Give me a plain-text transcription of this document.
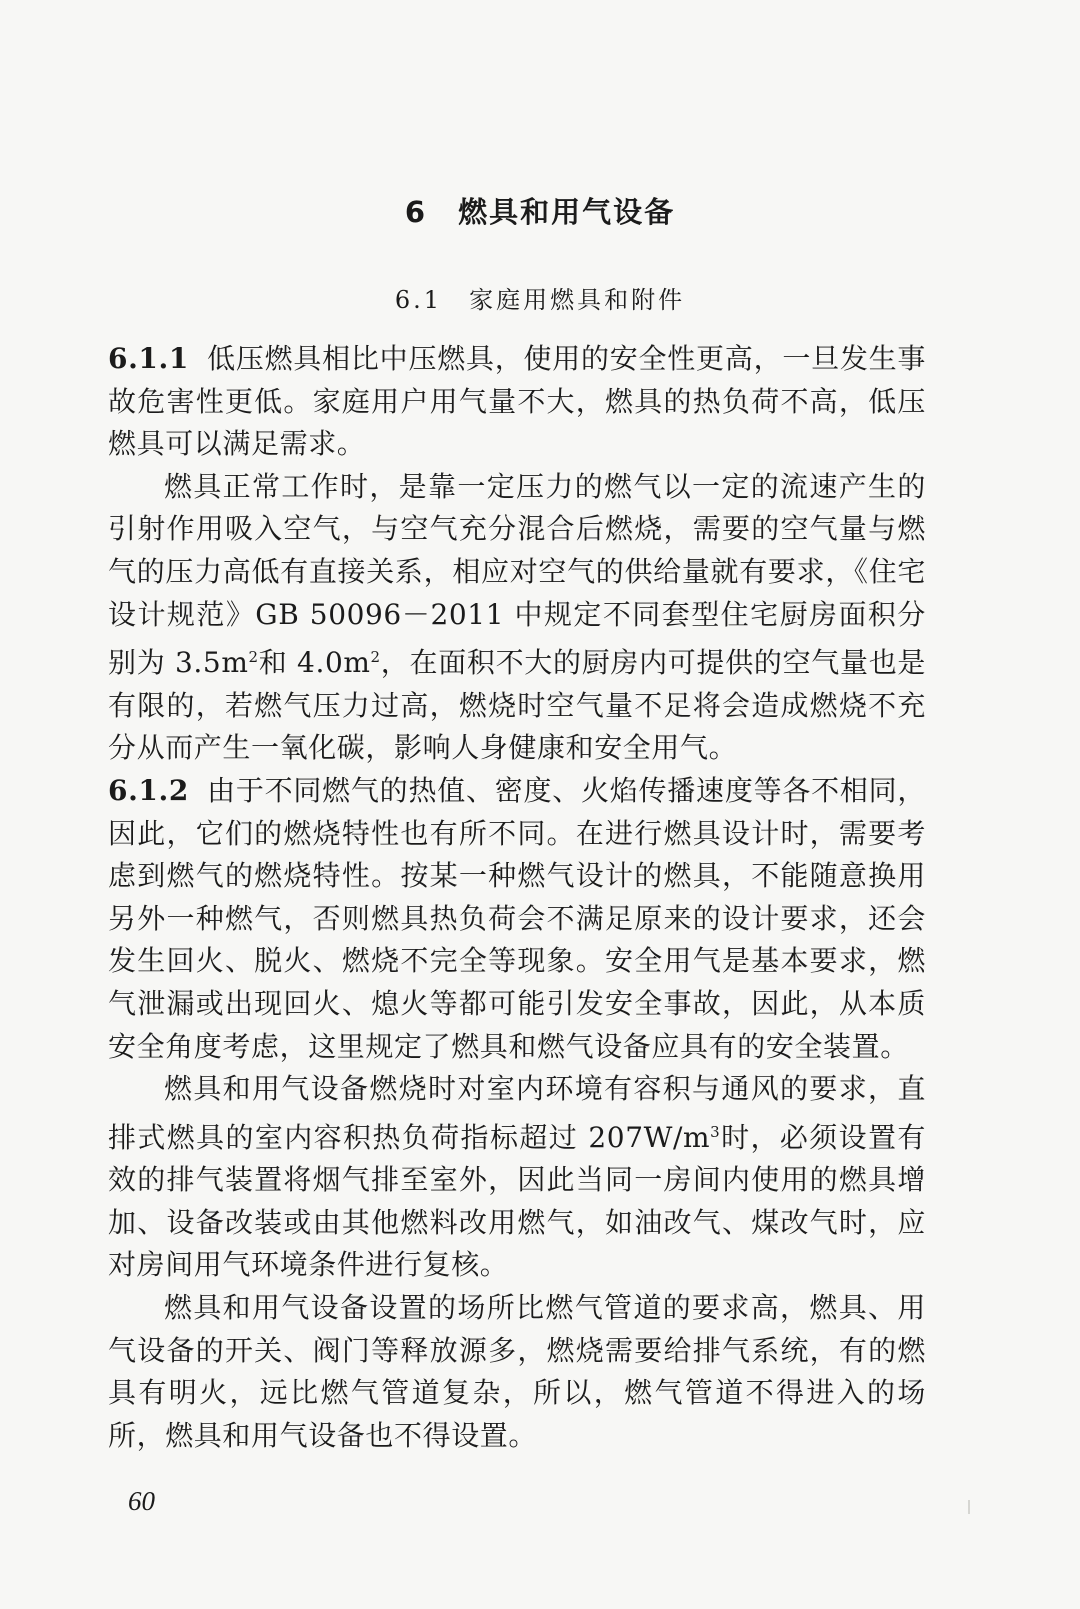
6　燃具和用气设备
6.1　家庭用燃具和附件

6.1.1 低压燃具相比中压燃具，使用的安全性更高，一旦发生事故危害性更低。家庭用户用气量不大，燃具的热负荷不高，低压燃具可以满足需求。

燃具正常工作时，是靠一定压力的燃气以一定的流速产生的引射作用吸入空气，与空气充分混合后燃烧，需要的空气量与燃气的压力高低有直接关系，相应对空气的供给量就有要求，《住宅设计规范》GB 50096－2011 中规定不同套型住宅厨房面积分别为 $3.5m^2$和 $4.0m^2$，在面积不大的厨房内可提供的空气量也是有限的，若燃气压力过高，燃烧时空气量不足将会造成燃烧不充分从而产生一氧化碳，影响人身健康和安全用气。

6.1.2 由于不同燃气的热值、密度、火焰传播速度等各不相同，因此，它们的燃烧特性也有所不同。在进行燃具设计时，需要考虑到燃气的燃烧特性。按某一种燃气设计的燃具，不能随意换用另外一种燃气，否则燃具热负荷会不满足原来的设计要求，还会发生回火、脱火、燃烧不完全等现象。安全用气是基本要求，燃气泄漏或出现回火、熄火等都可能引发安全事故，因此，从本质安全角度考虑，这里规定了燃具和燃气设备应具有的安全装置。

燃具和用气设备燃烧时对室内环境有容积与通风的要求，直排式燃具的室内容积热负荷指标超过 $207W/m^3$时，必须设置有效的排气装置将烟气排至室外，因此当同一房间内使用的燃具增加、设备改装或由其他燃料改用燃气，如油改气、煤改气时，应对房间用气环境条件进行复核。

燃具和用气设备设置的场所比燃气管道的要求高，燃具、用气设备的开关、阀门等释放源多，燃烧需要给排气系统，有的燃具有明火，远比燃气管道复杂，所以，燃气管道不得进入的场所，燃具和用气设备也不得设置。

60
